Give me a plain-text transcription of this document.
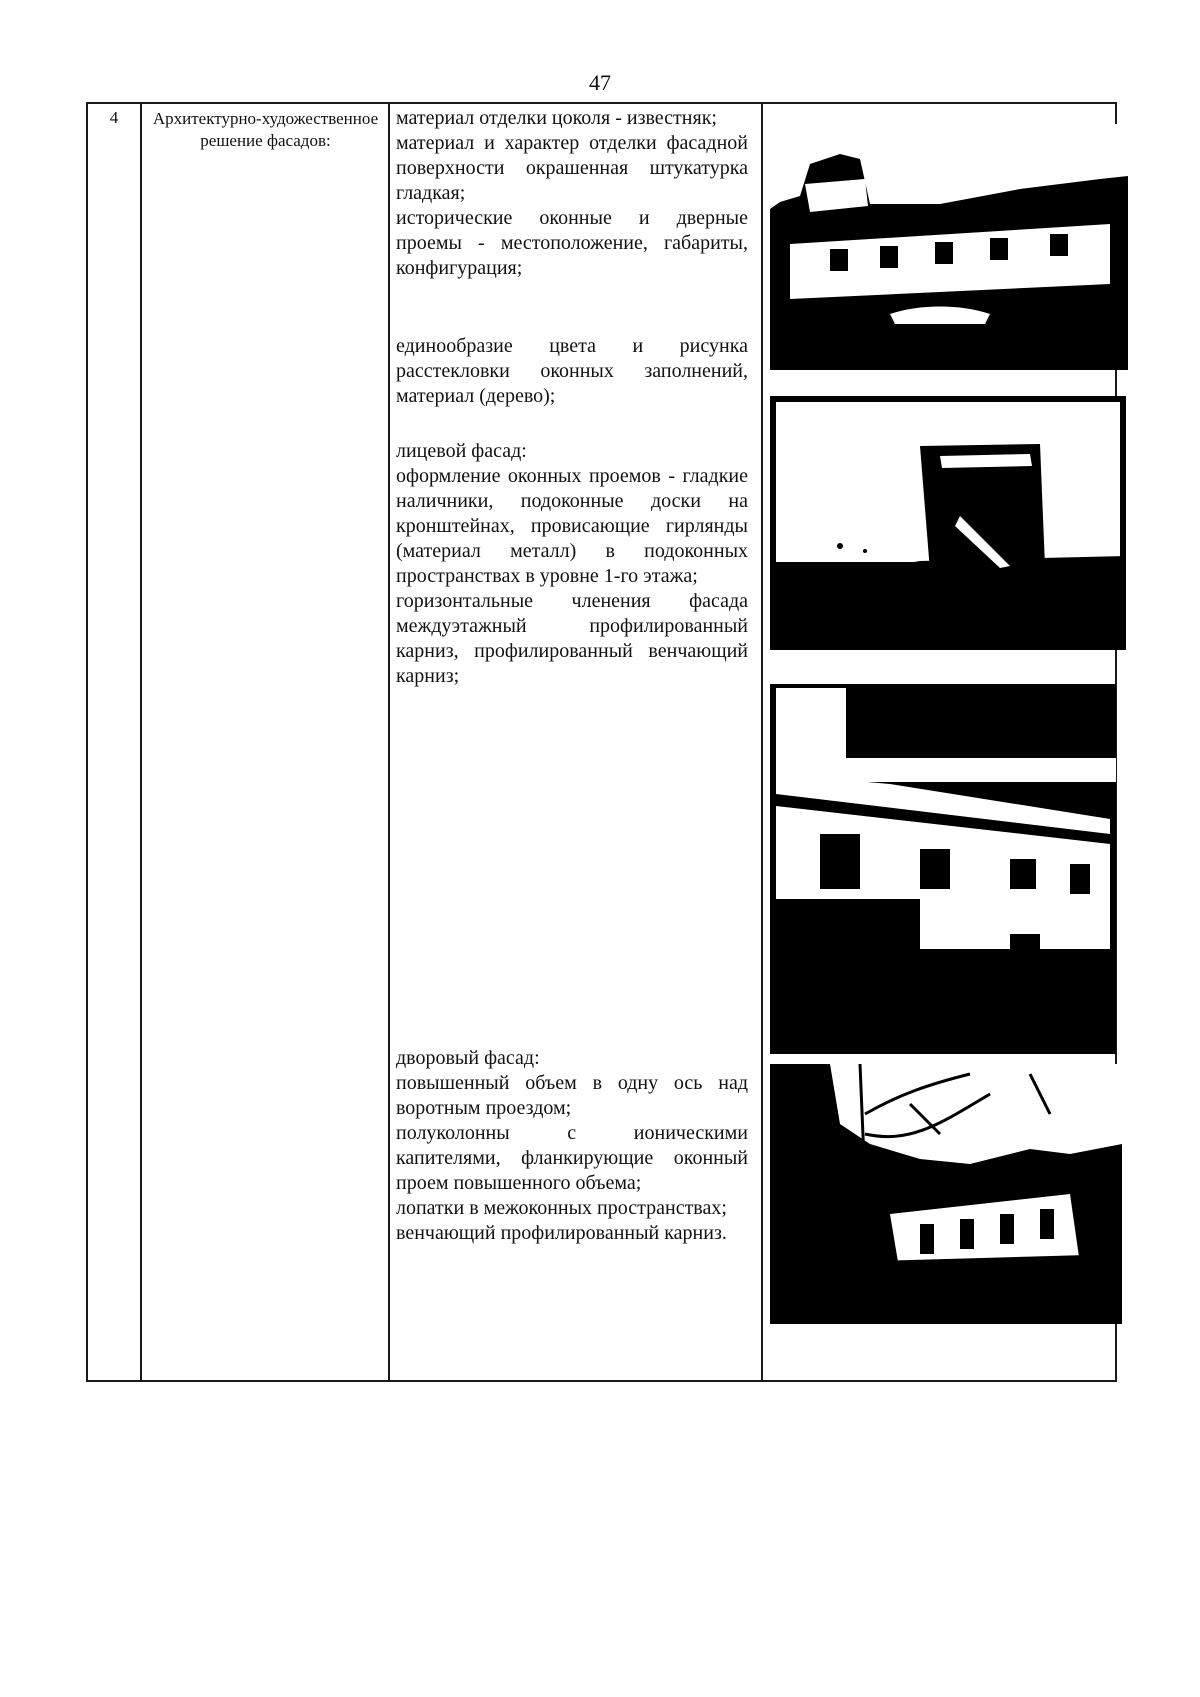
47
4	Архитектурно-художественное решение фасадов:

материал отделки цоколя - известняк;

материал и характер отделки фасадной поверхности окрашенная штукатурка гладкая;

исторические оконные и дверные проемы - местоположение, габариты, конфигурация;

единообразие цвета и рисунка расстекловки оконных заполнений, материал (дерево);

лицевой фасад:

оформление оконных проемов - гладкие наличники, подоконные доски на кронштейнах, провисающие гирлянды (материал металл) в подоконных пространствах в уровне 1-го этажа;

горизонтальные членения фасада междуэтажный профилированный карниз, профилированный венчающий карниз;

дворовый фасад:

повышенный объем в одну ось над воротным проездом;

полуколонны с ионическими капителями, фланкирующие оконный проем повышенного объема;

лопатки в межоконных пространствах;

венчающий профилированный карниз.
